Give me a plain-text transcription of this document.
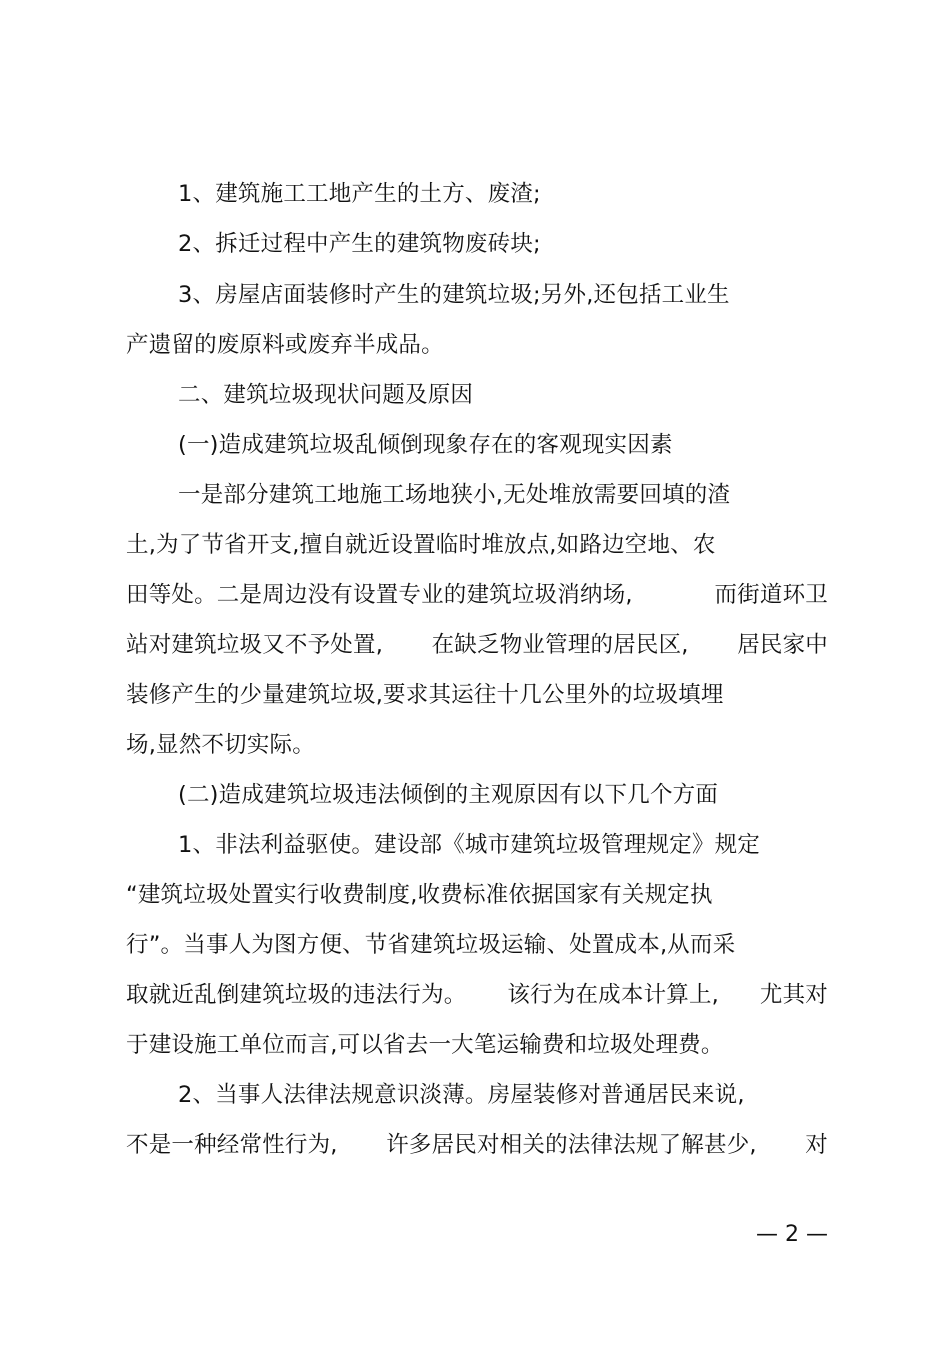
1、建筑施工工地产生的土方、废渣;
2、拆迁过程中产生的建筑物废砖块;
3、房屋店面装修时产生的建筑垃圾;另外,还包括工业生
产遗留的废原料或废弃半成品。
二、建筑垃圾现状问题及原因
(一)造成建筑垃圾乱倾倒现象存在的客观现实因素
一是部分建筑工地施工场地狭小,无处堆放需要回填的渣
土,为了节省开支,擅自就近设置临时堆放点,如路边空地、农
田等处。二是周边没有设置专业的建筑垃圾消纳场,	而街道环卫
站对建筑垃圾又不予处置, 在缺乏物业管理的居民区, 居民家中
装修产生的少量建筑垃圾,要求其运往十几公里外的垃圾填埋
场,显然不切实际。
(二)造成建筑垃圾违法倾倒的主观原因有以下几个方面
1、非法利益驱使。建设部《城市建筑垃圾管理规定》规定
“建筑垃圾处置实行收费制度,收费标准依据国家有关规定执
行”。当事人为图方便、节省建筑垃圾运输、处置成本,从而采
取就近乱倒建筑垃圾的违法行为。 该行为在成本计算上, 尤其对
于建设施工单位而言,可以省去一大笔运输费和垃圾处理费。
2、当事人法律法规意识淡薄。房屋装修对普通居民来说,
不是一种经常性行为, 许多居民对相关的法律法规了解甚少, 对
— 2 —
